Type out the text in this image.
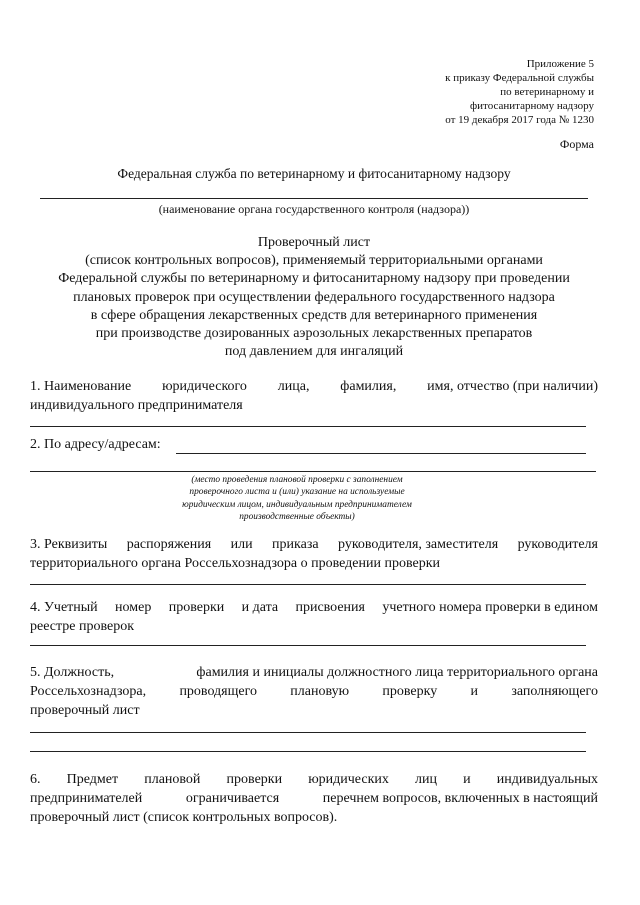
Приложение 5
к приказу Федеральной службы
по ветеринарному и
фитосанитарному надзору
от 19 декабря 2017 года № 1230
Форма
Федеральная служба по ветеринарному и фитосанитарному надзору
(наименование органа государственного контроля (надзора))
Проверочный лист
(список контрольных вопросов), применяемый территориальными органами
Федеральной службы по ветеринарному и фитосанитарному надзору при проведении
плановых проверок при осуществлении федерального государственного надзора
в сфере обращения лекарственных средств для ветеринарного применения
при производстве дозированных аэрозольных лекарственных препаратов
под давлением для ингаляций
1. Наименование юридического лица, фамилия, имя, отчество (при наличии)
индивидуального предпринимателя
2. По адресу/адресам:
(место проведения плановой проверки с заполнением
проверочного листа и (или) указание на используемые
юридическим лицом, индивидуальным предпринимателем
производственные объекты)
3. Реквизиты распоряжения или приказа руководителя, заместителя руководителя
территориального органа Россельхознадзора о проведении проверки
4. Учетный номер проверки и дата присвоения учетного номера проверки в едином
реестре проверок
5. Должность,	фамилия и инициалы должностного лица территориального органа
Россельхознадзора, проводящего плановую проверку и заполняющего
проверочный лист
6. Предмет плановой проверки юридических лиц и индивидуальных
предпринимателей	ограничивается	перечнем вопросов, включенных в настоящий
проверочный лист (список контрольных вопросов).
